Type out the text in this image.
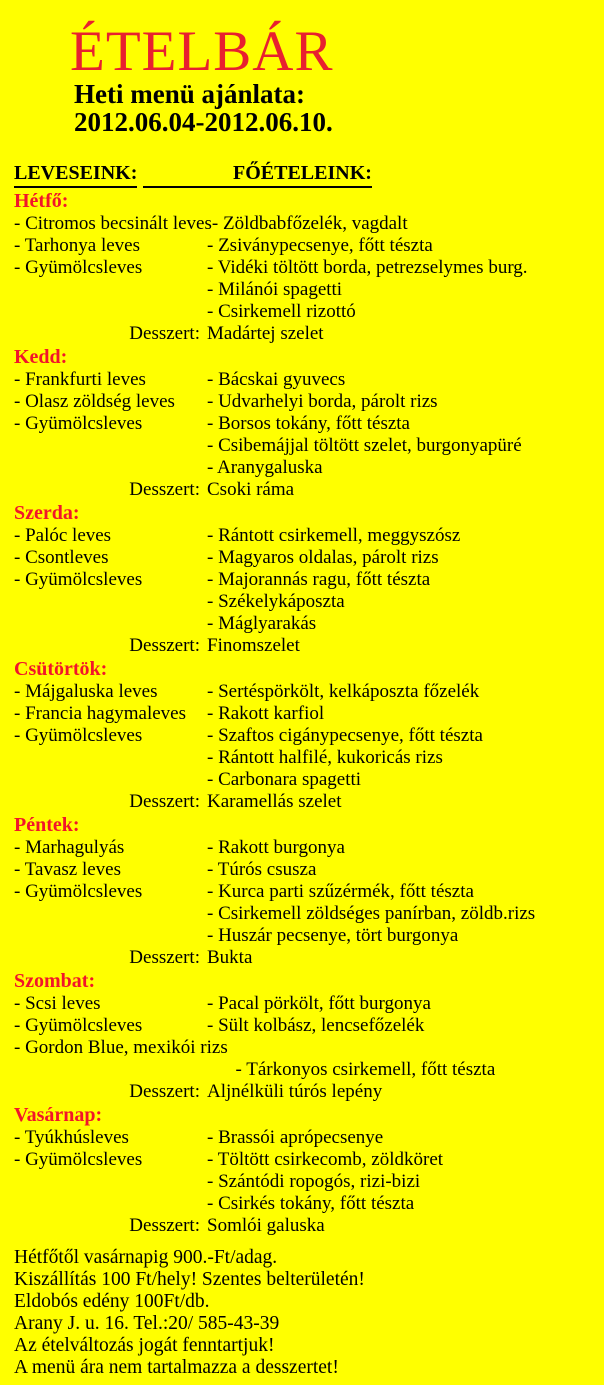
ÉTELBÁR
Heti menü ajánlata:
2012.06.04-2012.06.10.
LEVESEINK:	FŐÉTELEINK:
Hétfő:
- Citromos becsinált leves - Zöldbabfőzelék, vagdalt
- Tarhonya leves	- Zsiványpecsenye, főtt tészta
- Gyümölcsleves	- Vidéki töltött borda, petrezselymes burg.
- Milánói spagetti
- Csirkemell rizottó
Desszert: Madártej szelet
Kedd:
- Frankfurti leves	- Bácskai gyuvecs
- Olasz zöldség leves	- Udvarhelyi borda, párolt rizs
- Gyümölcsleves	- Borsos tokány, főtt tészta
- Csibemájjal töltött szelet, burgonyapüré
- Aranygaluska
Desszert: Csoki ráma
Szerda:
- Palóc leves	- Rántott csirkemell, meggyszósz
- Csontleves	- Magyaros oldalas, párolt rizs
- Gyümölcsleves	- Majorannás ragu, főtt tészta
- Székelykáposzta
- Máglyarakás
Desszert: Finomszelet
Csütörtök:
- Májgaluska leves	- Sertéspörkölt, kelkáposzta főzelék
- Francia hagymaleves	- Rakott karfiol
- Gyümölcsleves	- Szaftos cigánypecsenye, főtt tészta
- Rántott halfilé, kukoricás rizs
- Carbonara spagetti
Desszert: Karamellás szelet
Péntek:
- Marhagulyás	- Rakott burgonya
- Tavasz leves	- Túrós csusza
- Gyümölcsleves	- Kurca parti szűzérmék, főtt tészta
- Csirkemell zöldséges panírban, zöldb.rizs
- Huszár pecsenye, tört burgonya
Desszert: Bukta
Szombat:
- Scsi leves	- Pacal pörkölt, főtt burgonya
- Gyümölcsleves	- Sült kolbász, lencsefőzelék
- Gordon Blue, mexikói rizs
- Tárkonyos csirkemell, főtt tészta
Desszert: Aljnélküli túrós lepény
Vasárnap:
- Tyúkhúsleves	- Brassói aprópecsenye
- Gyümölcsleves	- Töltött csirkecomb, zöldköret
- Szántódi ropogós, rizi-bizi
- Csirkés tokány, főtt tészta
Desszert: Somlói galuska
Hétfőtől vasárnapig 900.-Ft/adag.
Kiszállítás 100 Ft/hely! Szentes belterületén!
Eldobós edény 100Ft/db.
Arany J. u. 16. Tel.:20/ 585-43-39
Az ételváltozás jogát fenntartjuk!
A menü ára nem tartalmazza a desszertet!
